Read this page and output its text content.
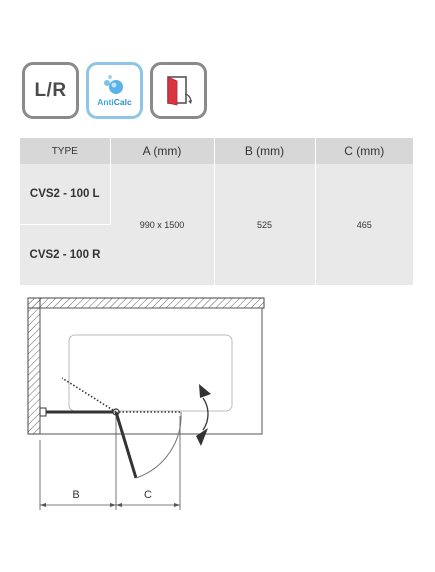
L/R
AntiCalc
TYPE	A (mm)	B (mm)	C (mm)
CVS2 - 100 L	990 x 1500	525	465
CVS2 - 100 R			
B	C
